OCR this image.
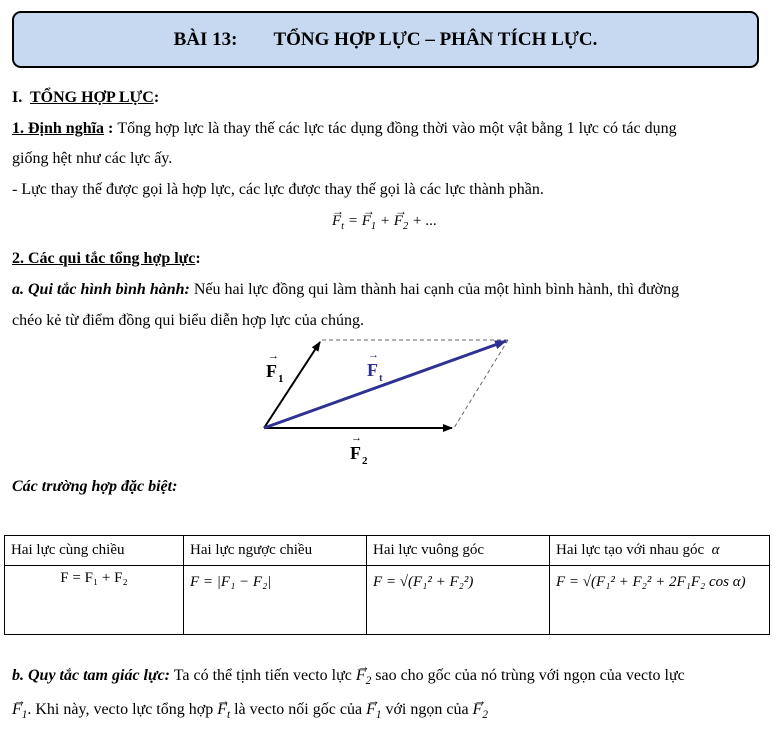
BÀI 13: TỔNG HỢP LỰC – PHÂN TÍCH LỰC.
I. TỔNG HỢP LỰC:
1. Định nghĩa : Tổng hợp lực là thay thế các lực tác dụng đồng thời vào một vật bằng 1 lực có tác dụng
giống hệt như các lực ấy.
- Lực thay thế được gọi là hợp lực, các lực được thay thế gọi là các lực thành phần.
→ $F_t$ = → $F_1$ + → $F_2$ + ...
2. Các qui tắc tổng hợp lực:
a. Qui tắc hình bình hành: Nếu hai lực đồng qui làm thành hai cạnh của một hình bình hành, thì đường
chéo kẻ từ điểm đồng qui biểu diễn hợp lực của chúng.
→
F 1
→
F t
→
F 2
Các trường hợp đặc biệt:
Hai lực cùng chiều	Hai lực ngược chiều	Hai lực vuông góc	Hai lực tạo với nhau góc α
F = F₁ + F₂	F = |F₁ − F₂|	F = √(F₁² + F₂²)	F = √(F₁² + F₂² + 2F₁F₂ cos α)
b. Quy tắc tam giác lực: Ta có thể tịnh tiến vecto lực → $F_2$ sao cho gốc của nó trùng với ngọn của vecto lực
→ $F_1$. Khi này, vecto lực tổng hợp → $F_t$ là vecto nối gốc của → $F_1$ với ngọn của → $F_2$
